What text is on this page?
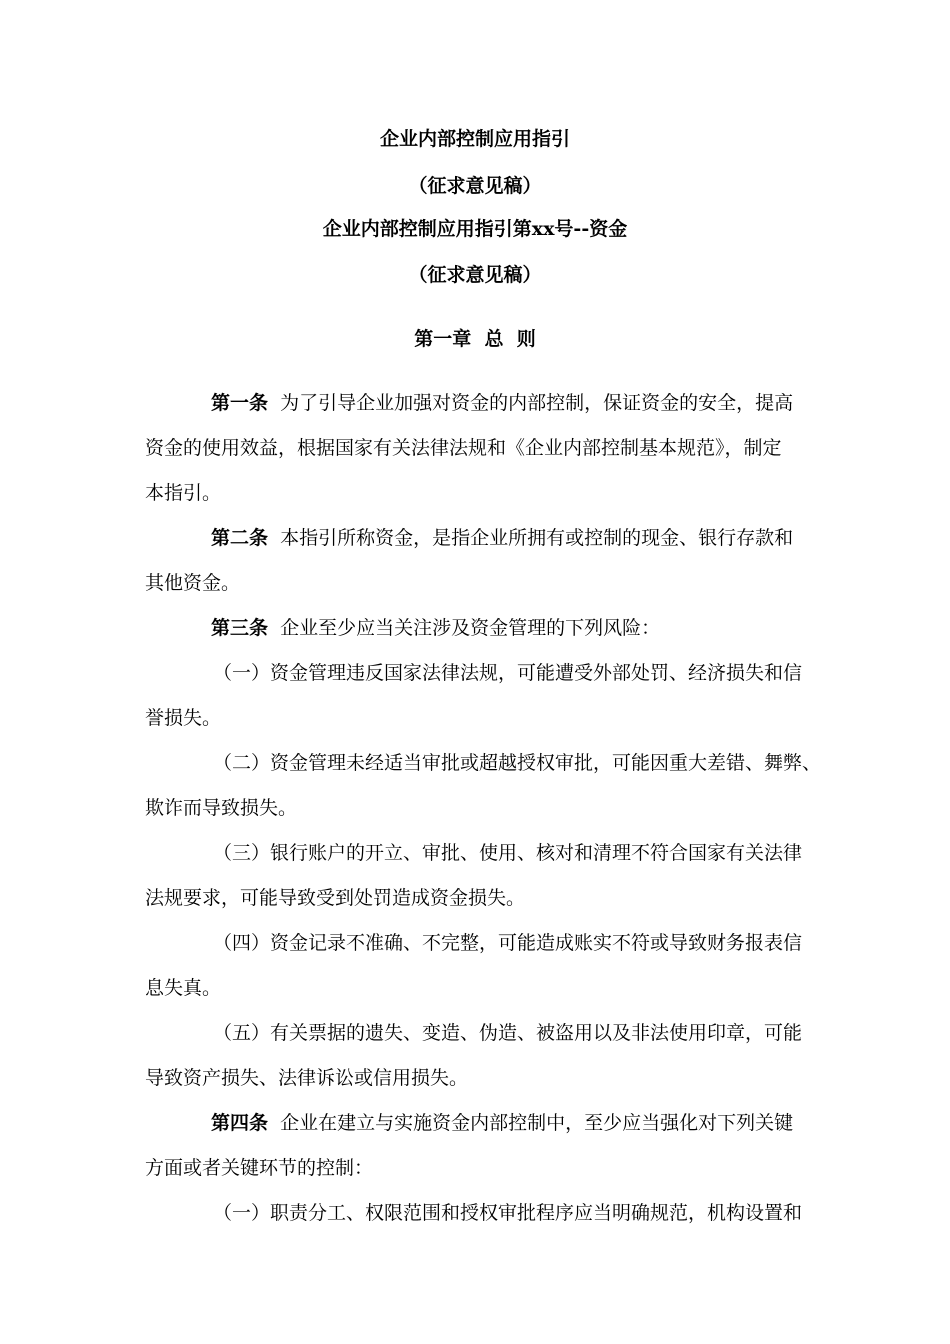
企业内部控制应用指引
（征求意见稿）
企业内部控制应用指引第xx号--资金
（征求意见稿）
第一章  总  则
第一条 为了引导企业加强对资金的内部控制，保证资金的安全，提高
资金的使用效益，根据国家有关法律法规和《企业内部控制基本规范》，制定
本指引。
第二条 本指引所称资金，是指企业所拥有或控制的现金、银行存款和
其他资金。
第三条 企业至少应当关注涉及资金管理的下列风险：
（一）资金管理违反国家法律法规，可能遭受外部处罚、经济损失和信
誉损失。
（二）资金管理未经适当审批或超越授权审批，可能因重大差错、舞弊、
欺诈而导致损失。
（三）银行账户的开立、审批、使用、核对和清理不符合国家有关法律
法规要求，可能导致受到处罚造成资金损失。
（四）资金记录不准确、不完整，可能造成账实不符或导致财务报表信
息失真。
（五）有关票据的遗失、变造、伪造、被盗用以及非法使用印章，可能
导致资产损失、法律诉讼或信用损失。
第四条 企业在建立与实施资金内部控制中，至少应当强化对下列关键
方面或者关键环节的控制：
（一）职责分工、权限范围和授权审批程序应当明确规范，机构设置和
